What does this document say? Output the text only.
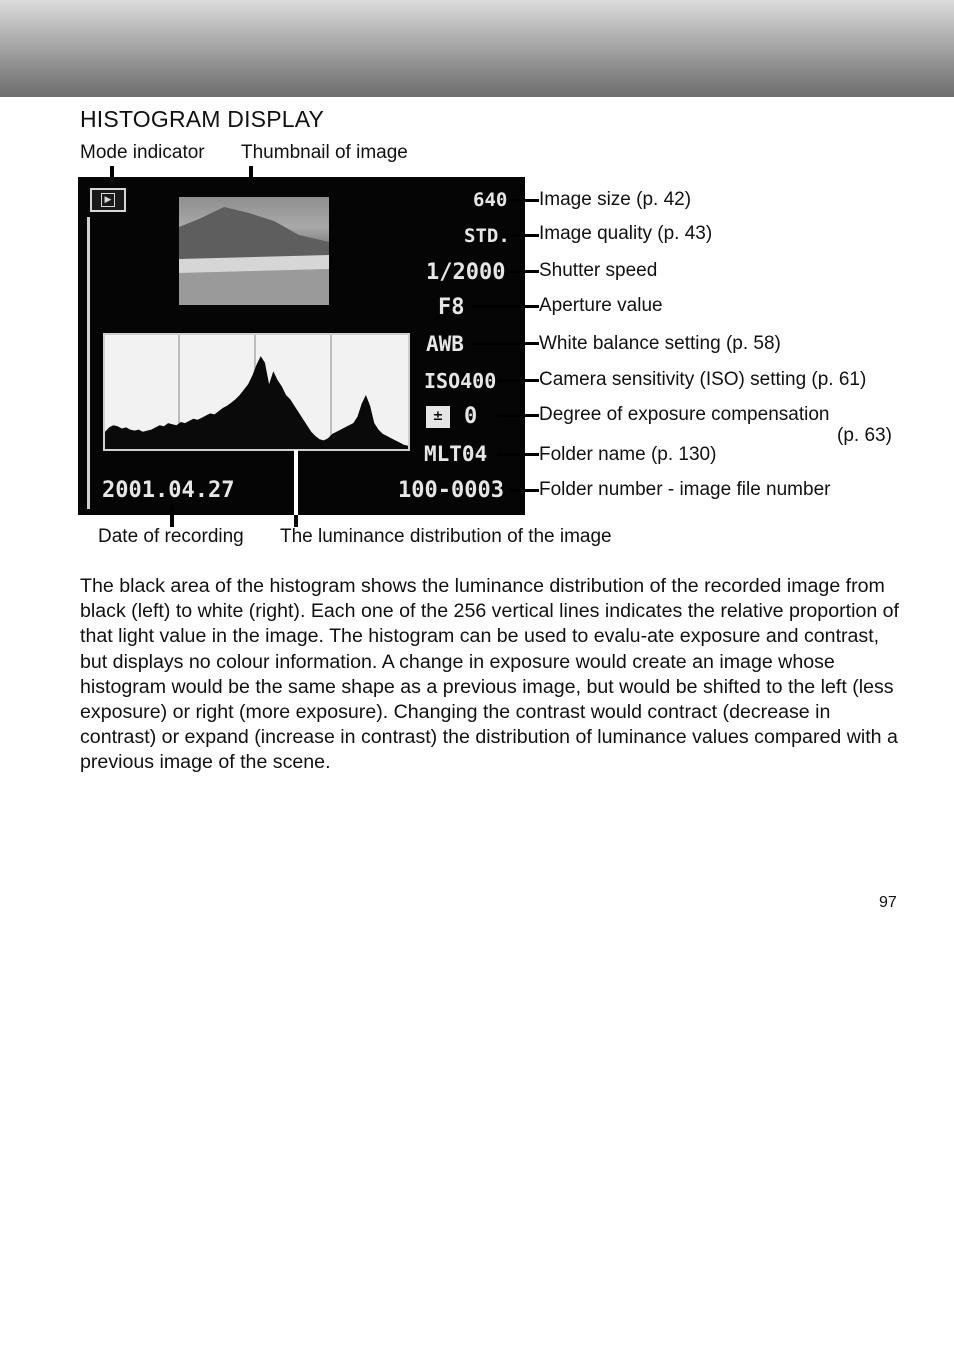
HISTOGRAM DISPLAY
Mode indicator Thumbnail of image
▶	640
STD.
1/2000
F8
AWB
ISO400
± 0
MLT04
2001.04.27	100-0003
Image size (p. 42)
Image quality (p. 43)
Shutter speed
Aperture value
White balance setting (p. 58)
Camera sensitivity (ISO) setting (p. 61)
Degree of exposure compensation
(p. 63)
Folder name (p. 130)
Folder number - image file number
Date of recording The luminance distribution of the image
The black area of the histogram shows the luminance distribution of the recorded image from black (left) to white (right). Each one of the 256 vertical lines indicates the relative proportion of that light value in the image. The histogram can be used to evalu-ate exposure and contrast, but displays no colour information. A change in exposure would create an image whose histogram would be the same shape as a previous image, but would be shifted to the left (less exposure) or right (more exposure). Changing the contrast would contract (decrease in contrast) or expand (increase in contrast) the distribution of luminance values compared with a previous image of the scene.
97
